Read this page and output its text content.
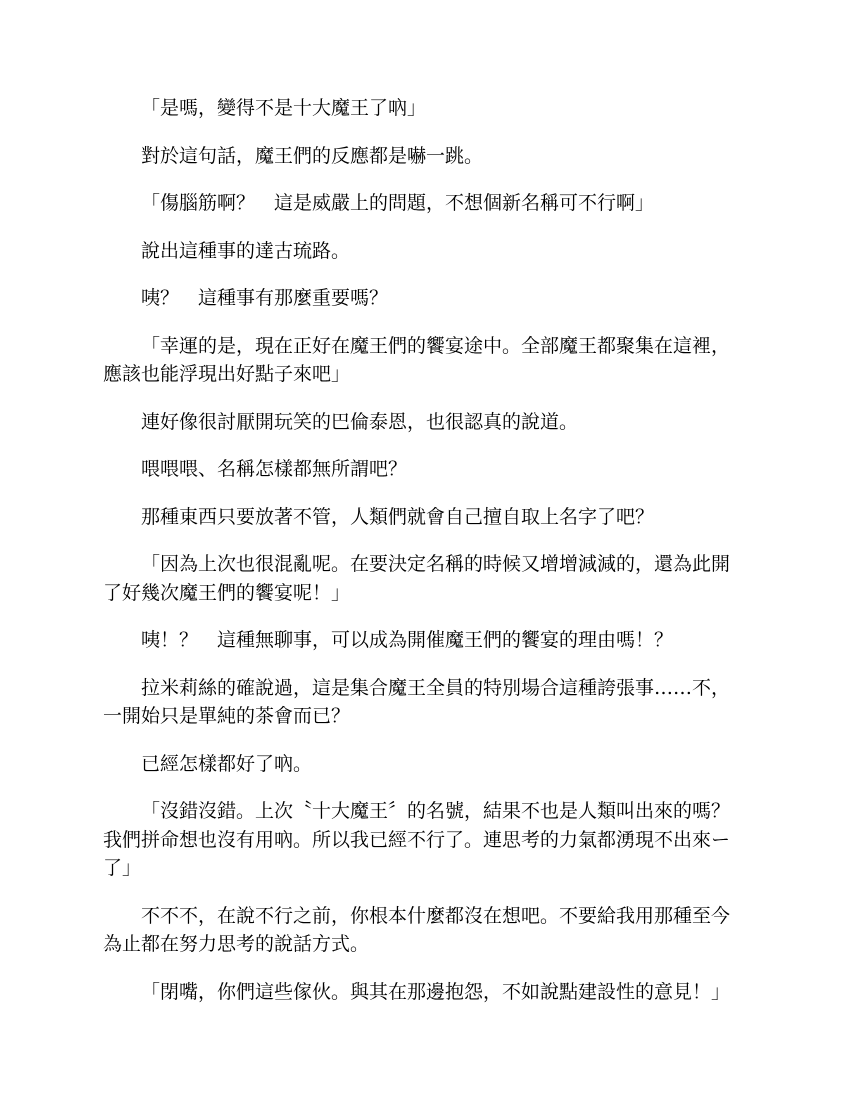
「是嗎，變得不是十大魔王了吶」

對於這句話，魔王們的反應都是嚇一跳。

「傷腦筋啊？　這是威嚴上的問題，不想個新名稱可不行啊」

說出這種事的達古琉路。

咦？　這種事有那麼重要嗎？

「幸運的是，現在正好在魔王們的饗宴途中。全部魔王都聚集在這裡，應該也能浮現出好點子來吧」

連好像很討厭開玩笑的巴倫泰恩，也很認真的說道。

喂喂喂、名稱怎樣都無所謂吧？

那種東西只要放著不管，人類們就會自己擅自取上名字了吧？

「因為上次也很混亂呢。在要決定名稱的時候又增增減減的，還為此開了好幾次魔王們的饗宴呢！」

咦！？　這種無聊事，可以成為開催魔王們的饗宴的理由嗎！？

拉米莉絲的確說過，這是集合魔王全員的特別場合這種誇張事……不，一開始只是單純的茶會而已？

已經怎樣都好了吶。

「沒錯沒錯。上次〝十大魔王〞的名號，結果不也是人類叫出來的嗎？　我們拼命想也沒有用吶。所以我已經不行了。連思考的力氣都湧現不出來ー了」

不不不，在說不行之前，你根本什麼都沒在想吧。不要給我用那種至今為止都在努力思考的說話方式。

「閉嘴，你們這些傢伙。與其在那邊抱怨，不如說點建設性的意見！」
